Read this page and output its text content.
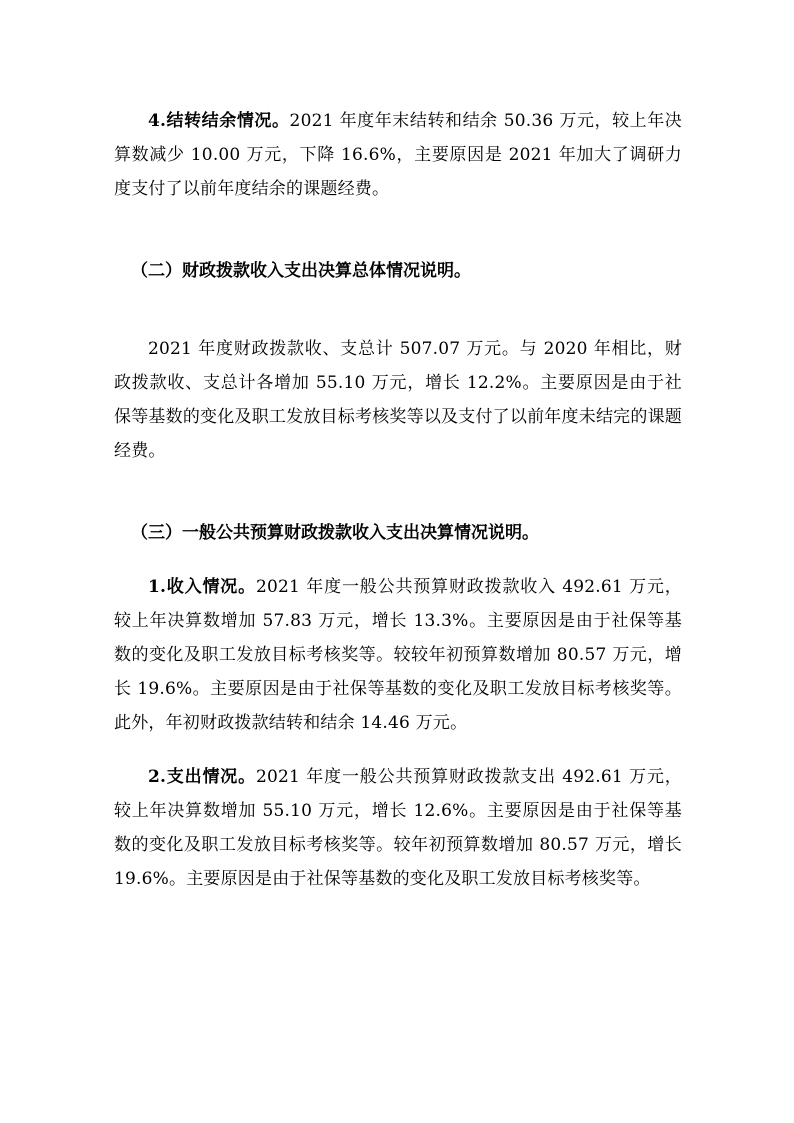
4.结转结余情况。2021 年度年末结转和结余 50.36 万元，较上年决算数减少 10.00 万元，下降 16.6%，主要原因是 2021 年加大了调研力度支付了以前年度结余的课题经费。

（二）财政拨款收入支出决算总体情况说明。

2021 年度财政拨款收、支总计 507.07 万元。与 2020 年相比，财政拨款收、支总计各增加 55.10 万元，增长 12.2%。主要原因是由于社保等基数的变化及职工发放目标考核奖等以及支付了以前年度未结完的课题经费。

（三）一般公共预算财政拨款收入支出决算情况说明。

1.收入情况。2021 年度一般公共预算财政拨款收入 492.61 万元，较上年决算数增加 57.83 万元，增长 13.3%。主要原因是由于社保等基数的变化及职工发放目标考核奖等。较较年初预算数增加 80.57 万元，增长 19.6%。主要原因是由于社保等基数的变化及职工发放目标考核奖等。此外，年初财政拨款结转和结余 14.46 万元。

2.支出情况。2021 年度一般公共预算财政拨款支出 492.61 万元，较上年决算数增加 55.10 万元，增长 12.6%。主要原因是由于社保等基数的变化及职工发放目标考核奖等。较年初预算数增加 80.57 万元，增长 19.6%。主要原因是由于社保等基数的变化及职工发放目标考核奖等。
